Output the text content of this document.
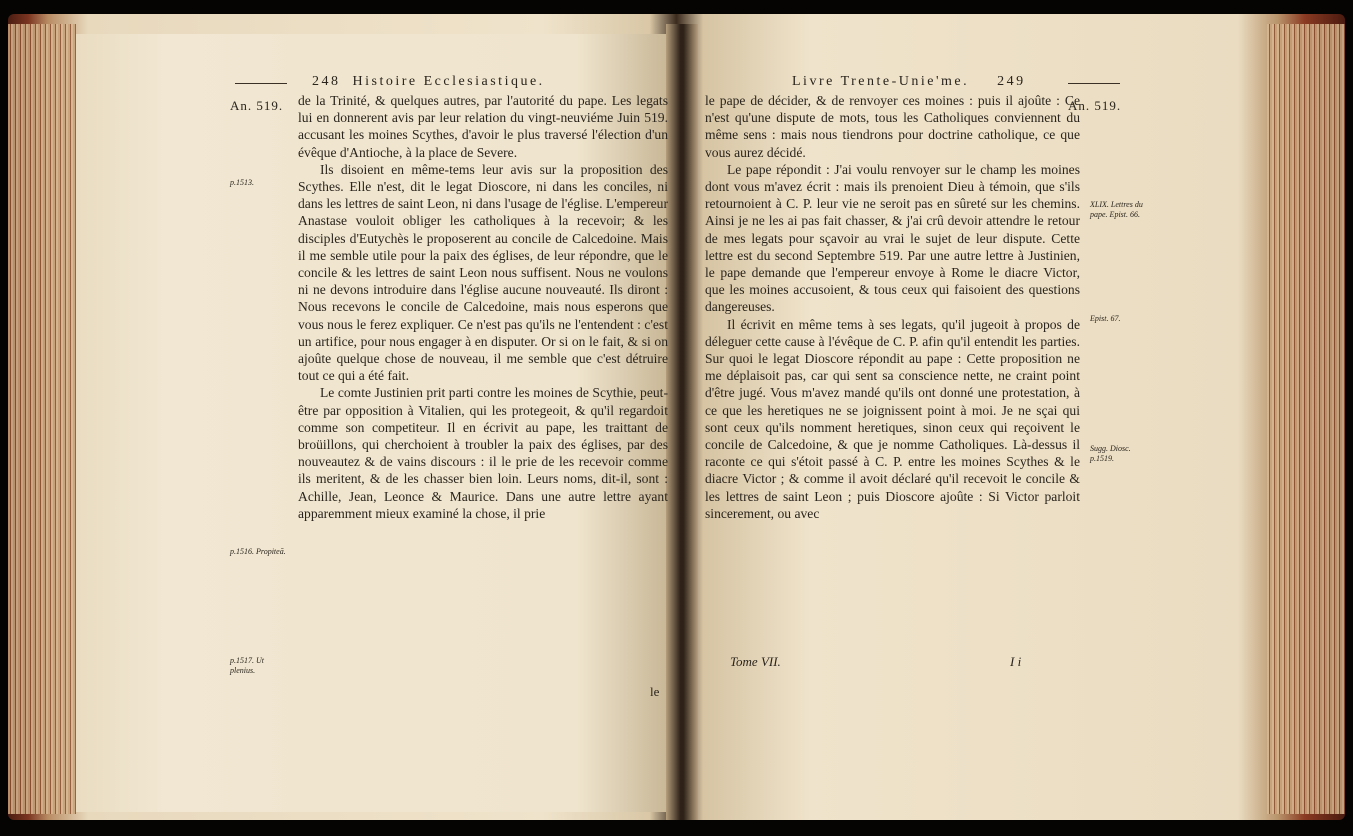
248 Histoire Ecclesiastique.
An. 519.
p.1513.
p.1516. Propiteā.
p.1517. Ut plenius.

de la Trinité, & quelques autres, par l'autorité du pape. Les legats lui en donnerent avis par leur relation du vingt-neuviéme Juin 519. accusant les moines Scythes, d'avoir le plus traversé l'élection d'un évêque d'Antioche, à la place de Severe.

Ils disoient en même-tems leur avis sur la proposition des Scythes. Elle n'est, dit le legat Dioscore, ni dans les conciles, ni dans les lettres de saint Leon, ni dans l'usage de l'église. L'empereur Anastase vouloit obliger les catholiques à la recevoir; & les disciples d'Eutychès le proposerent au concile de Calcedoine. Mais il me semble utile pour la paix des églises, de leur répondre, que le concile & les lettres de saint Leon nous suffisent. Nous ne voulons ni ne devons introduire dans l'église aucune nouveauté. Ils diront : Nous recevons le concile de Calcedoine, mais nous esperons que vous nous le ferez expliquer. Ce n'est pas qu'ils ne l'entendent : c'est un artifice, pour nous engager à en disputer. Or si on le fait, & si on ajoûte quelque chose de nouveau, il me semble que c'est détruire tout ce qui a été fait.

Le comte Justinien prit parti contre les moines de Scythie, peut-être par opposition à Vitalien, qui les protegeoit, & qu'il regardoit comme son competiteur. Il en écrivit au pape, les traittant de broüillons, qui cherchoient à troubler la paix des églises, par des nouveautez & de vains discours : il le prie de les recevoir comme ils meritent, & de les chasser bien loin. Leurs noms, dit-il, sont : Achille, Jean, Leonce & Maurice. Dans une autre lettre ayant apparemment mieux examiné la chose, il prie

le
Livre Trente-Unie'me. 249
An. 519.
XLIX. Lettres du pape. Epist. 66.
Epist. 67.
Sugg. Diosc. p.1519.

le pape de décider, & de renvoyer ces moines : puis il ajoûte : Ce n'est qu'une dispute de mots, tous les Catholiques conviennent du même sens : mais nous tiendrons pour doctrine catholique, ce que vous aurez décidé.

Le pape répondit : J'ai voulu renvoyer sur le champ les moines dont vous m'avez écrit : mais ils prenoient Dieu à témoin, que s'ils retournoient à C. P. leur vie ne seroit pas en sûreté sur les chemins. Ainsi je ne les ai pas fait chasser, & j'ai crû devoir attendre le retour de mes legats pour sçavoir au vrai le sujet de leur dispute. Cette lettre est du second Septembre 519. Par une autre lettre à Justinien, le pape demande que l'empereur envoye à Rome le diacre Victor, que les moines accusoient, & tous ceux qui faisoient des questions dangereuses.

Il écrivit en même tems à ses legats, qu'il jugeoit à propos de déleguer cette cause à l'évêque de C. P. afin qu'il entendit les parties. Sur quoi le legat Dioscore répondit au pape : Cette proposition ne me déplaisoit pas, car qui sent sa conscience nette, ne craint point d'être jugé. Vous m'avez mandé qu'ils ont donné une protestation, à ce que les heretiques ne se joignissent point à moi. Je ne sçai qui sont ceux qu'ils nomment heretiques, sinon ceux qui reçoivent le concile de Calcedoine, & que je nomme Catholiques. Là-dessus il raconte ce qui s'étoit passé à C. P. entre les moines Scythes & le diacre Victor ; & comme il avoit déclaré qu'il recevoit le concile & les lettres de saint Leon ; puis Dioscore ajoûte : Si Victor parloit sincerement, ou avec

I i
Tome VII.
